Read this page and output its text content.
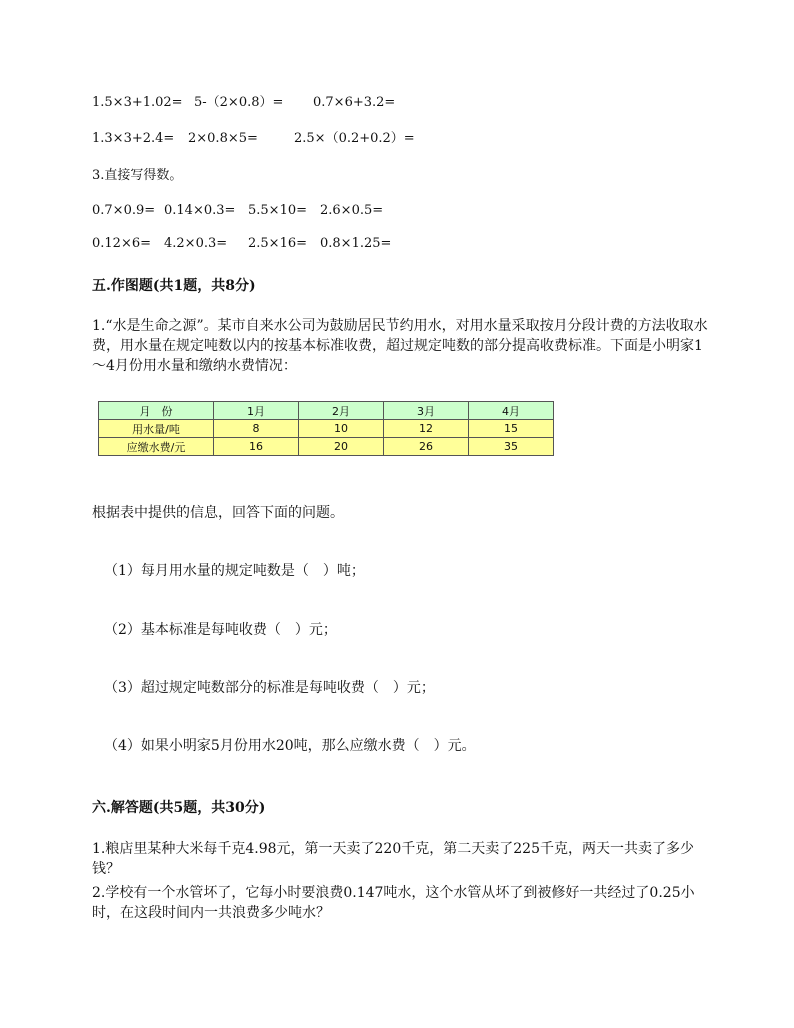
1.5×3+1.02= 5-（2×0.8）= 0.7×6+3.2=
1.3×3+2.4= 2×0.8×5=	2.5×（0.2+0.2）=
3.直接写得数。
0.7×0.9= 0.14×0.3= 5.5×10= 2.6×0.5=
0.12×6= 4.2×0.3= 2.5×16= 0.8×1.25=
五.作图题(共1题，共8分)
1.“水是生命之源”。某市自来水公司为鼓励居民节约用水，对用水量采取按月分段计费的方法收取水费，用水量在规定吨数以内的按基本标准收费，超过规定吨数的部分提高收费标准。下面是小明家1～4月份用水量和缴纳水费情况：
月　份	1月	2月	3月	4月
用水量/吨	8	10	12	15
应缴水费/元	16	20	26	35
根据表中提供的信息，回答下面的问题。
（1）每月用水量的规定吨数是（　）吨；
（2）基本标准是每吨收费（　）元；
（3）超过规定吨数部分的标准是每吨收费（　）元；
（4）如果小明家5月份用水20吨，那么应缴水费（　）元。
六.解答题(共5题，共30分)
1.粮店里某种大米每千克4.98元，第一天卖了220千克，第二天卖了225千克，两天一共卖了多少钱？
2.学校有一个水管坏了，它每小时要浪费0.147吨水，这个水管从坏了到被修好一共经过了0.25小时，在这段时间内一共浪费多少吨水？
